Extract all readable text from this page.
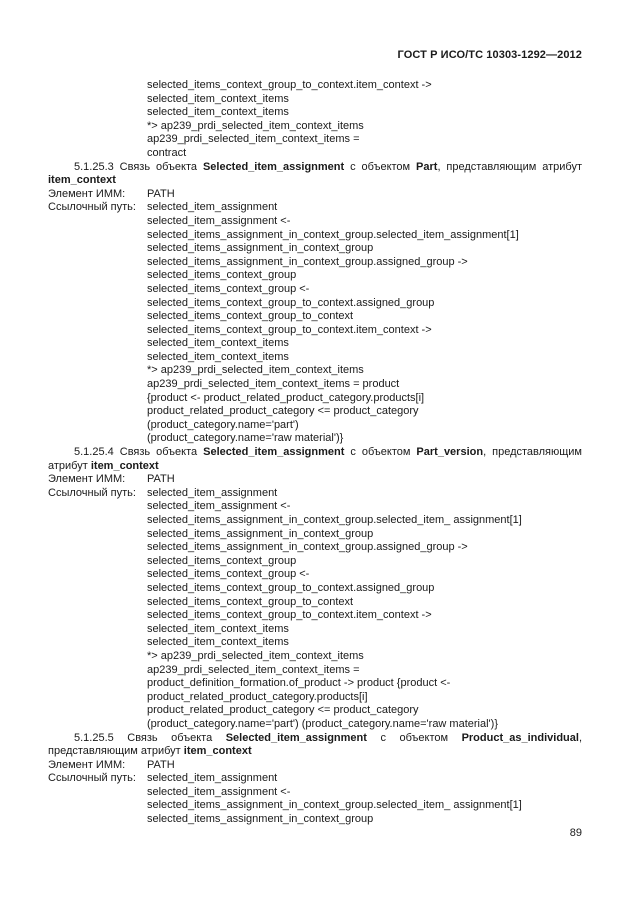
ГОСТ Р ИСО/ТС 10303-1292—2012
selected_items_context_group_to_context.item_context ->
selected_item_context_items
selected_item_context_items
*> ap239_prdi_selected_item_context_items
ap239_prdi_selected_item_context_items =
contract
5.1.25.3 Связь объекта Selected_item_assignment с объектом Part, представляющим атрибут item_context
Элемент ИММ:	PATH
Ссылочный путь:	selected_item_assignment
selected_item_assignment <-
selected_items_assignment_in_context_group.selected_item_assignment[1]
selected_items_assignment_in_context_group
selected_items_assignment_in_context_group.assigned_group ->
selected_items_context_group
selected_items_context_group <-
selected_items_context_group_to_context.assigned_group
selected_items_context_group_to_context
selected_items_context_group_to_context.item_context ->
selected_item_context_items
selected_item_context_items
*> ap239_prdi_selected_item_context_items
ap239_prdi_selected_item_context_items = product
{product <- product_related_product_category.products[i]
product_related_product_category <= product_category
(product_category.name='part')
(product_category.name='raw material')}
5.1.25.4 Связь объекта Selected_item_assignment с объектом Part_version, представляющим атрибут item_context
Элемент ИММ:	PATH
Ссылочный путь:	selected_item_assignment
selected_item_assignment <-
selected_items_assignment_in_context_group.selected_item_ assignment[1]
selected_items_assignment_in_context_group
selected_items_assignment_in_context_group.assigned_group ->
selected_items_context_group
selected_items_context_group <-
selected_items_context_group_to_context.assigned_group
selected_items_context_group_to_context
selected_items_context_group_to_context.item_context ->
selected_item_context_items
selected_item_context_items
*> ap239_prdi_selected_item_context_items
ap239_prdi_selected_item_context_items =
product_definition_formation.of_product -> product {product <-
product_related_product_category.products[i]
product_related_product_category <= product_category
(product_category.name='part') (product_category.name='raw material')}
5.1.25.5 Связь объекта Selected_item_assignment с объектом Product_as_individual, представляющим атрибут item_context
Элемент ИММ:	PATH
Ссылочный путь:	selected_item_assignment
selected_item_assignment <-
selected_items_assignment_in_context_group.selected_item_ assignment[1]
selected_items_assignment_in_context_group
89
